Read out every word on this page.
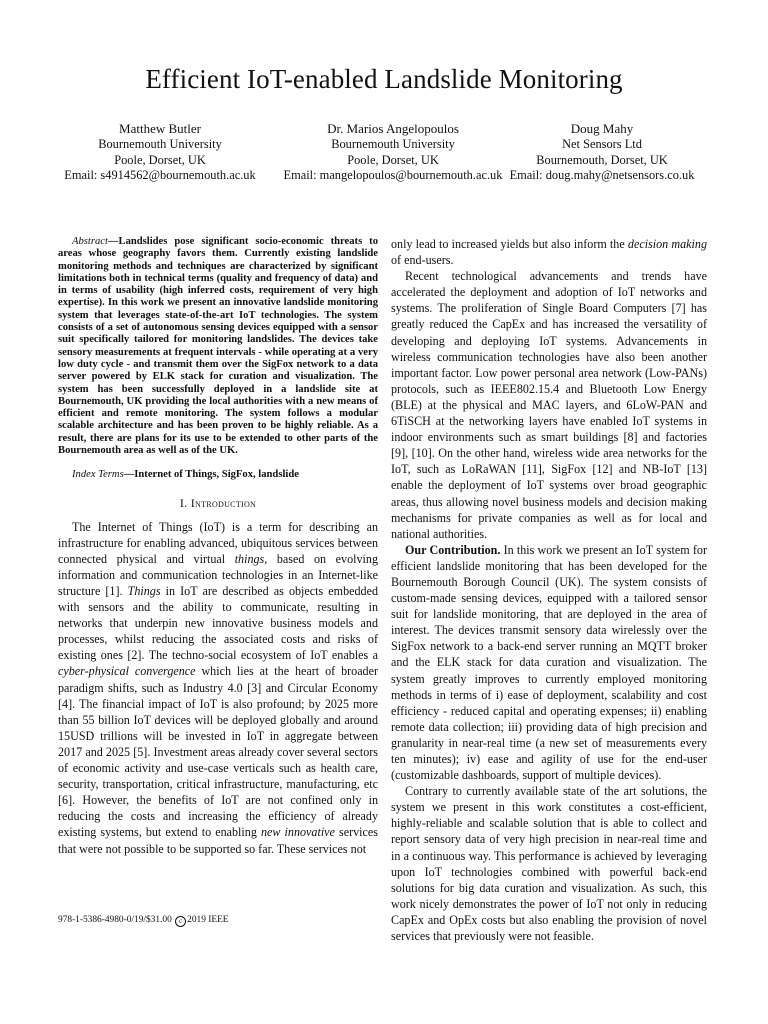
Efficient IoT-enabled Landslide Monitoring
Matthew Butler
Bournemouth University
Poole, Dorset, UK
Email: s4914562@bournemouth.ac.uk
Dr. Marios Angelopoulos
Bournemouth University
Poole, Dorset, UK
Email: mangelopoulos@bournemouth.ac.uk
Doug Mahy
Net Sensors Ltd
Bournemouth, Dorset, UK
Email: doug.mahy@netsensors.co.uk

Abstract—Landslides pose significant socio-economic threats to areas whose geography favors them. Currently existing landslide monitoring methods and techniques are characterized by significant limitations both in technical terms (quality and frequency of data) and in terms of usability (high inferred costs, requirement of very high expertise). In this work we present an innovative landslide monitoring system that leverages state-of-the-art IoT technologies. The system consists of a set of autonomous sensing devices equipped with a sensor suit specifically tailored for monitoring landslides. The devices take sensory measurements at frequent intervals - while operating at a very low duty cycle - and transmit them over the SigFox network to a data server powered by ELK stack for curation and visualization. The system has been successfully deployed in a landslide site at Bournemouth, UK providing the local authorities with a new means of efficient and remote monitoring. The system follows a modular scalable architecture and has been proven to be highly reliable. As a result, there are plans for its use to be extended to other parts of the Bournemouth area as well as of the UK.

Index Terms—Internet of Things, SigFox, landslide

I. Introduction

The Internet of Things (IoT) is a term for describing an infrastructure for enabling advanced, ubiquitous services between connected physical and virtual things, based on evolving information and communication technologies in an Internet-like structure [1]. Things in IoT are described as objects embedded with sensors and the ability to communicate, resulting in networks that underpin new innovative business models and processes, whilst reducing the associated costs and risks of existing ones [2]. The techno-social ecosystem of IoT enables a cyber-physical convergence which lies at the heart of broader paradigm shifts, such as Industry 4.0 [3] and Circular Economy [4]. The financial impact of IoT is also profound; by 2025 more than 55 billion IoT devices will be deployed globally and around 15USD trillions will be invested in IoT in aggregate between 2017 and 2025 [5]. Investment areas already cover several sectors of economic activity and use-case verticals such as health care, security, transportation, critical infrastructure, manufacturing, etc [6]. However, the benefits of IoT are not confined only in reducing the costs and increasing the efficiency of already existing systems, but extend to enabling new innovative services that were not possible to be supported so far. These services not

only lead to increased yields but also inform the decision making of end-users.

Recent technological advancements and trends have accelerated the deployment and adoption of IoT networks and systems. The proliferation of Single Board Computers [7] has greatly reduced the CapEx and has increased the versatility of developing and deploying IoT systems. Advancements in wireless communication technologies have also been another important factor. Low power personal area network (Low-PANs) protocols, such as IEEE802.15.4 and Bluetooth Low Energy (BLE) at the physical and MAC layers, and 6LoW-PAN and 6TiSCH at the networking layers have enabled IoT systems in indoor environments such as smart buildings [8] and factories [9], [10]. On the other hand, wireless wide area networks for the IoT, such as LoRaWAN [11], SigFox [12] and NB-IoT [13] enable the deployment of IoT systems over broad geographic areas, thus allowing novel business models and decision making mechanisms for private companies as well as for local and national authorities.

Our Contribution. In this work we present an IoT system for efficient landslide monitoring that has been developed for the Bournemouth Borough Council (UK). The system consists of custom-made sensing devices, equipped with a tailored sensor suit for landslide monitoring, that are deployed in the area of interest. The devices transmit sensory data wirelessly over the SigFox network to a back-end server running an MQTT broker and the ELK stack for data curation and visualization. The system greatly improves to currently employed monitoring methods in terms of i) ease of deployment, scalability and cost efficiency - reduced capital and operating expenses; ii) enabling remote data collection; iii) providing data of high precision and granularity in near-real time (a new set of measurements every ten minutes); iv) ease and agility of use for the end-user (customizable dashboards, support of multiple devices).

Contrary to currently available state of the art solutions, the system we present in this work constitutes a cost-efficient, highly-reliable and scalable solution that is able to collect and report sensory data of very high precision in near-real time and in a continuous way. This performance is achieved by leveraging upon IoT technologies combined with powerful back-end solutions for big data curation and visualization. As such, this work nicely demonstrates the power of IoT not only in reducing CapEx and OpEx costs but also enabling the provision of novel services that previously were not feasible.

978-1-5386-4980-0/19/$31.00 c 2019 IEEE
